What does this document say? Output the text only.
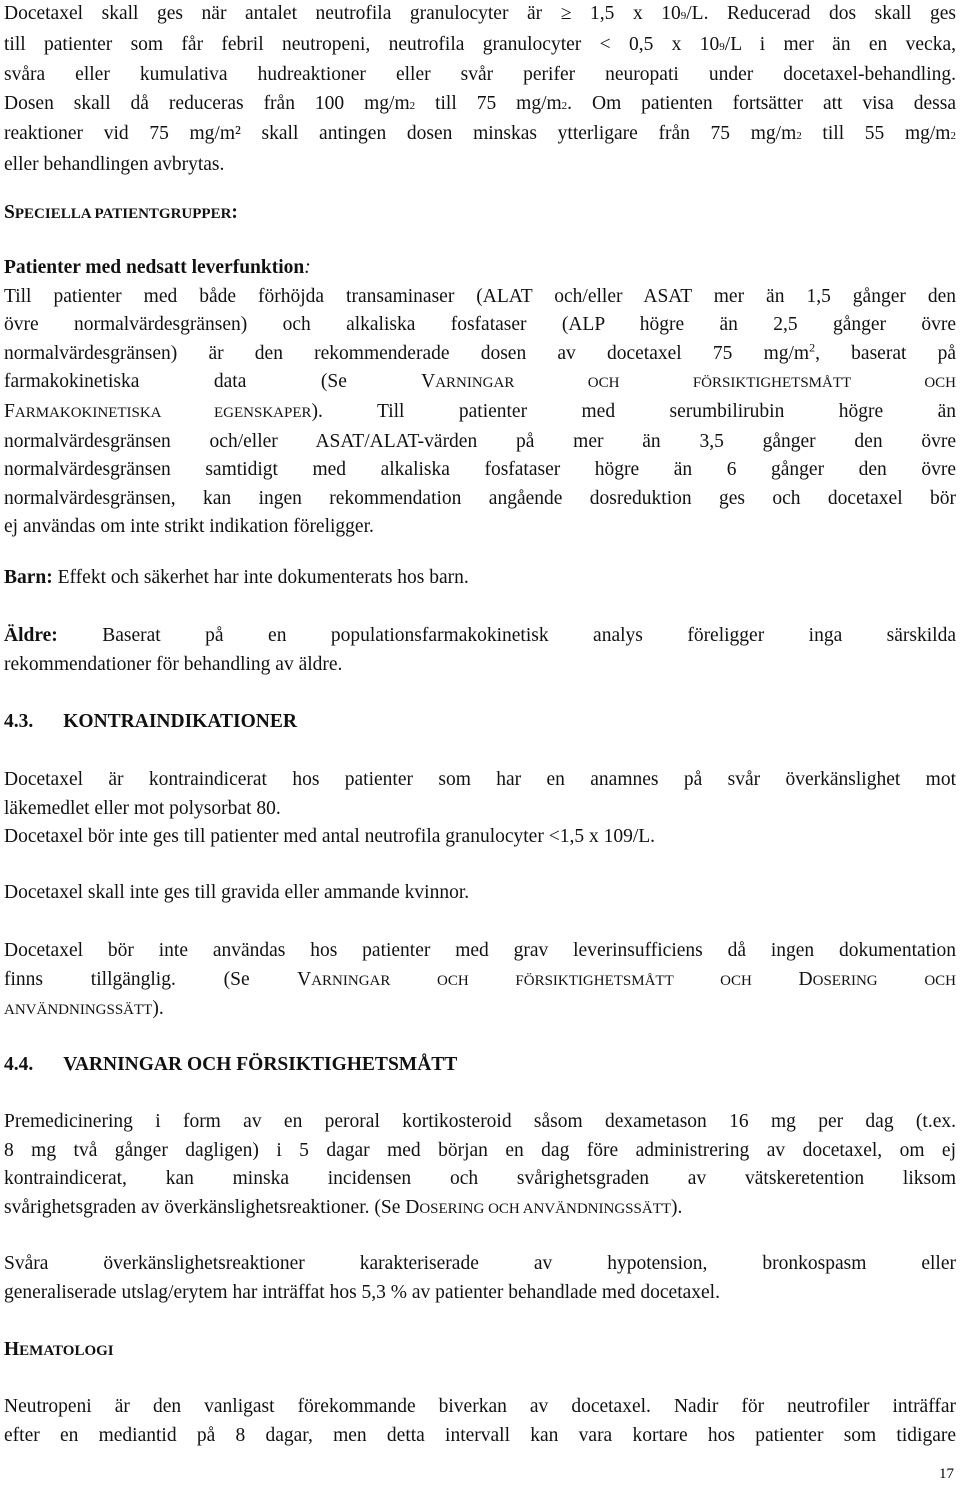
Docetaxel skall ges när antalet neutrofila granulocyter är ≥ 1,5 x 109/L. Reducerad dos skall ges
till patienter som får febril neutropeni, neutrofila granulocyter < 0,5 x 109/L i mer än en vecka,
svåra eller kumulativa hudreaktioner eller svår perifer neuropati under docetaxel-behandling.
Dosen skall då reduceras från 100 mg/m2 till 75 mg/m2. Om patienten fortsätter att visa dessa
reaktioner vid 75 mg/m² skall antingen dosen minskas ytterligare från 75 mg/m2 till 55 mg/m2
eller behandlingen avbrytas.
SPECIELLA PATIENTGRUPPER:
Patienter med nedsatt leverfunktion:
Till patienter med både förhöjda transaminaser (ALAT och/eller ASAT mer än 1,5 gånger den
övre normalvärdesgränsen) och alkaliska fosfataser (ALP högre än 2,5 gånger övre
normalvärdesgränsen) är den rekommenderade dosen av docetaxel 75 $mg/m^2$, baserat på
farmakokinetiska data (Se VARNINGAR OCH FÖRSIKTIGHETSMÅTT OCH
FARMAKOKINETISKA EGENSKAPER). Till patienter med serumbilirubin högre än
normalvärdesgränsen och/eller ASAT/ALAT-värden på mer än 3,5 gånger den övre
normalvärdesgränsen samtidigt med alkaliska fosfataser högre än 6 gånger den övre
normalvärdesgränsen, kan ingen rekommendation angående dosreduktion ges och docetaxel bör
ej användas om inte strikt indikation föreligger.
Barn: Effekt och säkerhet har inte dokumenterats hos barn.
Äldre: Baserat på en populationsfarmakokinetisk analys föreligger inga särskilda
rekommendationer för behandling av äldre.
4.3. KONTRAINDIKATIONER
Docetaxel är kontraindicerat hos patienter som har en anamnes på svår överkänslighet mot
läkemedlet eller mot polysorbat 80.
Docetaxel bör inte ges till patienter med antal neutrofila granulocyter <1,5 x 109/L.
Docetaxel skall inte ges till gravida eller ammande kvinnor.
Docetaxel bör inte användas hos patienter med grav leverinsufficiens då ingen dokumentation
finns tillgänglig. (Se VARNINGAR OCH FÖRSIKTIGHETSMÅTT OCH DOSERING OCH
ANVÄNDNINGSSÄTT).
4.4. VARNINGAR OCH FÖRSIKTIGHETSMÅTT
Premedicinering i form av en peroral kortikosteroid såsom dexametason 16 mg per dag (t.ex.
8 mg två gånger dagligen) i 5 dagar med början en dag före administrering av docetaxel, om ej
kontraindicerat, kan minska incidensen och svårighetsgraden av vätskeretention liksom
svårighetsgraden av överkänslighetsreaktioner. (Se DOSERING OCH ANVÄNDNINGSSÄTT).
Svåra överkänslighetsreaktioner karakteriserade av hypotension, bronkospasm eller
generaliserade utslag/erytem har inträffat hos 5,3 % av patienter behandlade med docetaxel.
HEMATOLOGI
Neutropeni är den vanligast förekommande biverkan av docetaxel. Nadir för neutrofiler inträffar
efter en mediantid på 8 dagar, men detta intervall kan vara kortare hos patienter som tidigare
17
